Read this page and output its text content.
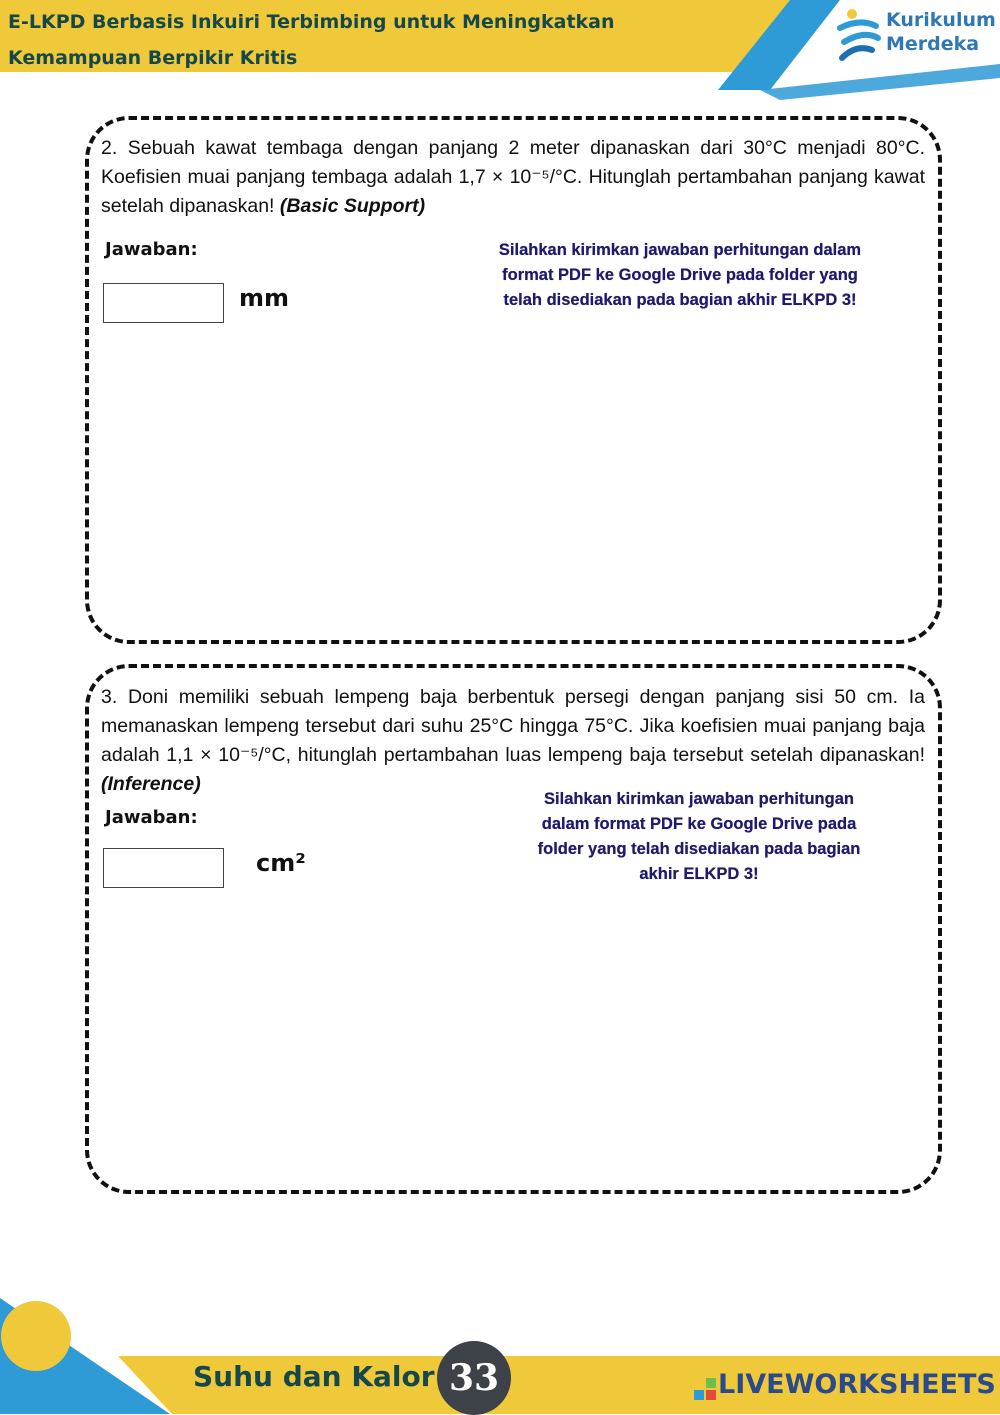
E-LKPD Berbasis Inkuiri Terbimbing untuk Meningkatkan
Kemampuan Berpikir Kritis
Kurikulum
Merdeka

2. Sebuah kawat tembaga dengan panjang 2 meter dipanaskan dari 30°C menjadi 80°C. Koefisien muai panjang tembaga adalah 1,7 × 10⁻⁵/°C. Hitunglah pertambahan panjang kawat setelah dipanaskan! (Basic Support)

Jawaban:
mm
Silahkan kirimkan jawaban perhitungan dalam format PDF ke Google Drive pada folder yang telah disediakan pada bagian akhir ELKPD 3!

3. Doni memiliki sebuah lempeng baja berbentuk persegi dengan panjang sisi 50 cm. Ia memanaskan lempeng tersebut dari suhu 25°C hingga 75°C. Jika koefisien muai panjang baja adalah 1,1 × 10⁻⁵/°C, hitunglah pertambahan luas lempeng baja tersebut setelah dipanaskan! (Inference)

Jawaban:
cm²
Silahkan kirimkan jawaban perhitungan dalam format PDF ke Google Drive pada folder yang telah disediakan pada bagian akhir ELKPD 3!
Suhu dan Kalor 33	LIVEWORKSHEETS
